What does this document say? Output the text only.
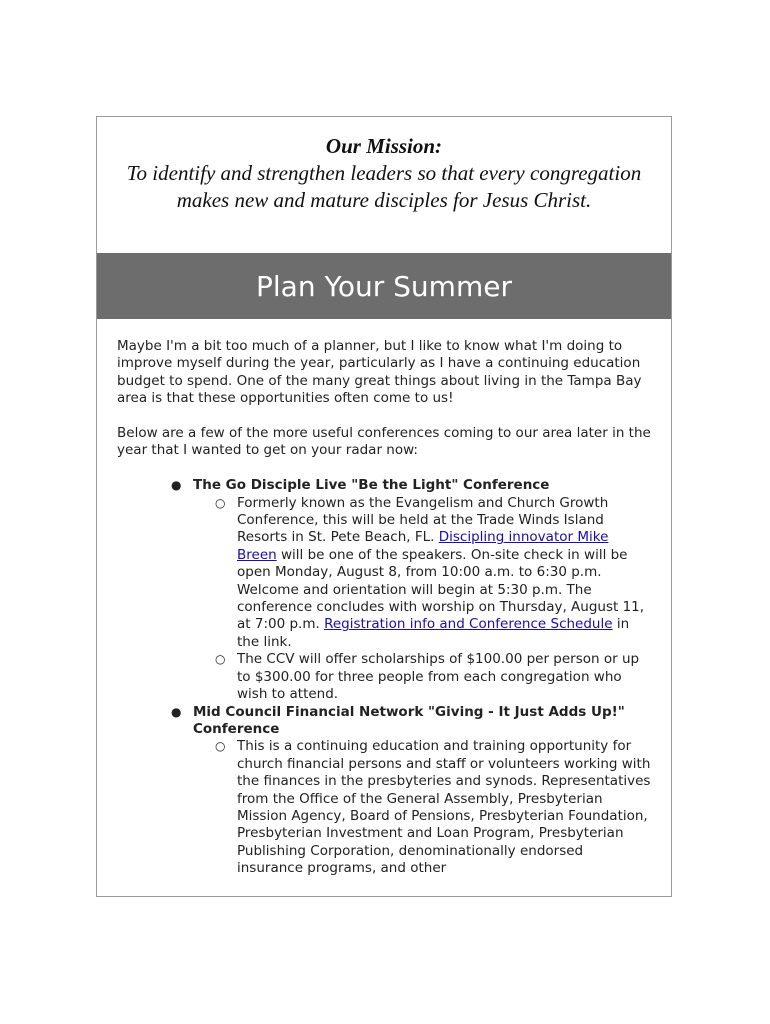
Our Mission:
To identify and strengthen leaders so that every congregation makes new and mature disciples for Jesus Christ.
Plan Your Summer

Maybe I'm a bit too much of a planner, but I like to know what I'm doing to improve myself during the year, particularly as I have a continuing education budget to spend. One of the many great things about living in the Tampa Bay area is that these opportunities often come to us!

Below are a few of the more useful conferences coming to our area later in the year that I wanted to get on your radar now:

● The Go Disciple Live "Be the Light" Conference
○ Formerly known as the Evangelism and Church Growth Conference, this will be held at the Trade Winds Island Resorts in St. Pete Beach, FL. Discipling innovator Mike Breen will be one of the speakers. On-site check in will be open Monday, August 8, from 10:00 a.m. to 6:30 p.m. Welcome and orientation will begin at 5:30 p.m. The conference concludes with worship on Thursday, August 11, at 7:00 p.m. Registration info and Conference Schedule in the link.
○ The CCV will offer scholarships of $100.00 per person or up to $300.00 for three people from each congregation who wish to attend.
● Mid Council Financial Network "Giving - It Just Adds Up!" Conference
○ This is a continuing education and training opportunity for church financial persons and staff or volunteers working with the finances in the presbyteries and synods. Representatives from the Office of the General Assembly, Presbyterian Mission Agency, Board of Pensions, Presbyterian Foundation, Presbyterian Investment and Loan Program, Presbyterian Publishing Corporation, denominationally endorsed insurance programs, and other
